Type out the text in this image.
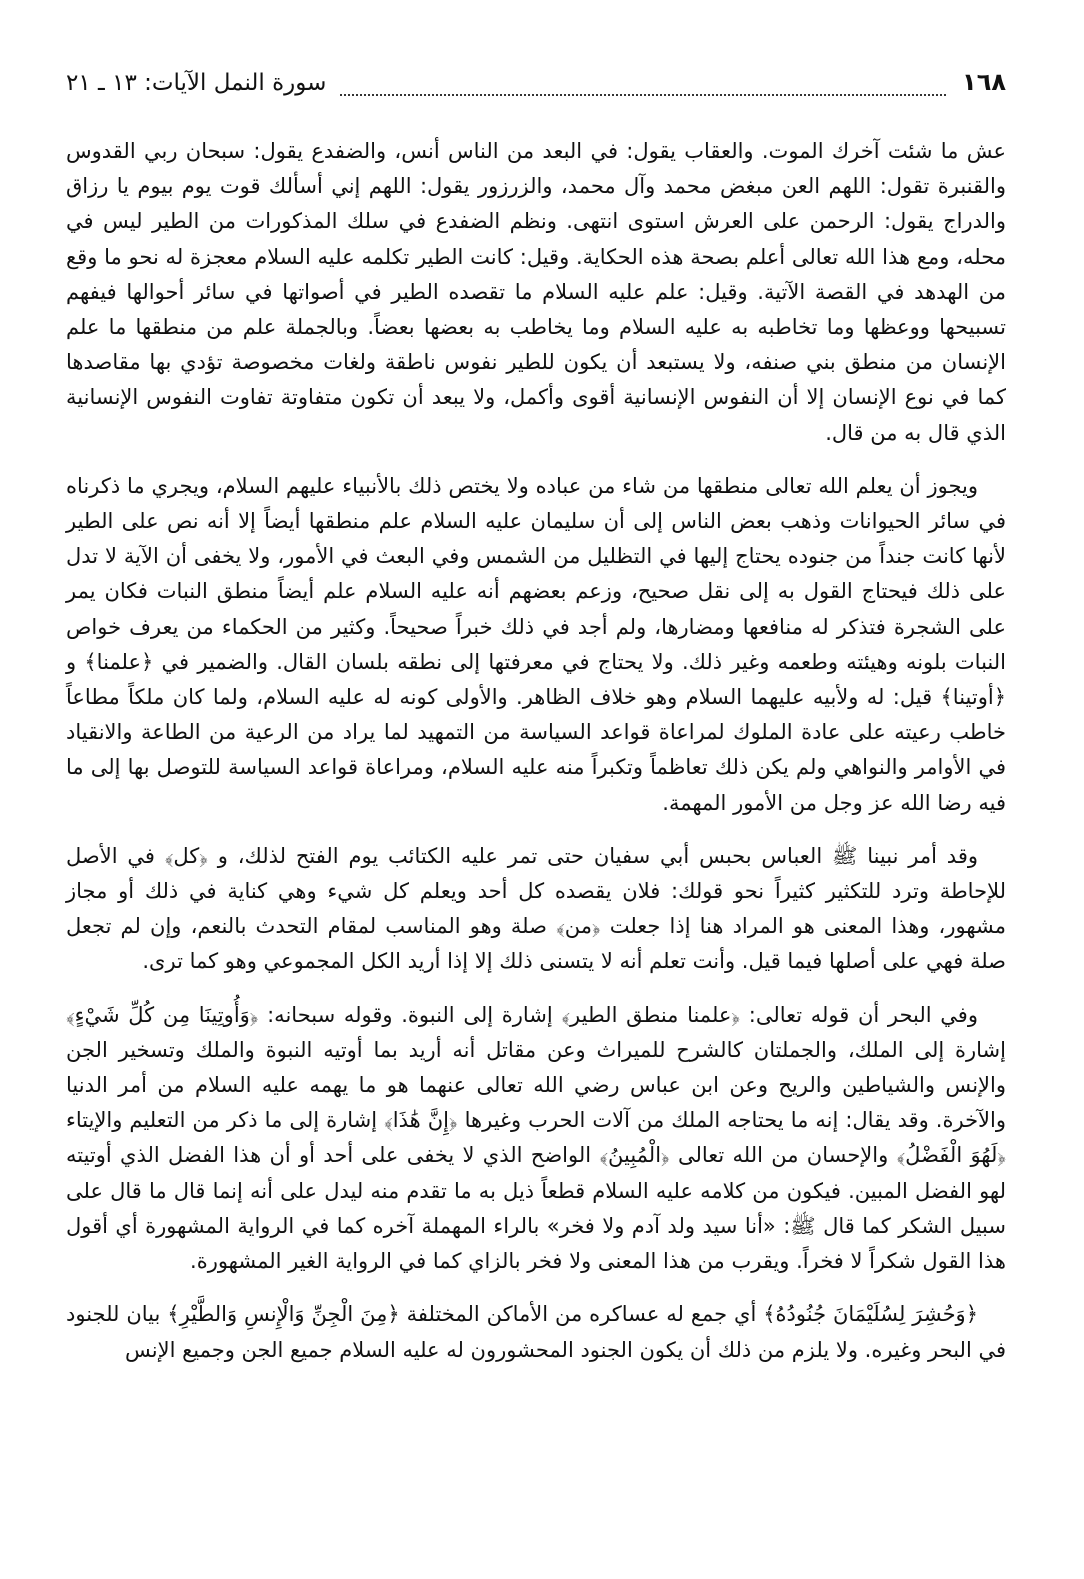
١٦٨
سورة النمل الآيات: ١٣ ـ ٢١

عش ما شئت آخرك الموت. والعقاب يقول: في البعد من الناس أنس، والضفدع يقول: سبحان ربي القدوس والقنبرة تقول: اللهم العن مبغض محمد وآل محمد، والزرزور يقول: اللهم إني أسألك قوت يوم بيوم يا رزاق والدراج يقول: الرحمن على العرش استوى انتهى. ونظم الضفدع في سلك المذكورات من الطير ليس في محله، ومع هذا الله تعالى أعلم بصحة هذه الحكاية. وقيل: كانت الطير تكلمه عليه السلام معجزة له نحو ما وقع من الهدهد في القصة الآتية. وقيل: علم عليه السلام ما تقصده الطير في أصواتها في سائر أحوالها فيفهم تسبيحها ووعظها وما تخاطبه به عليه السلام وما يخاطب به بعضها بعضاً. وبالجملة علم من منطقها ما علم الإنسان من منطق بني صنفه، ولا يستبعد أن يكون للطير نفوس ناطقة ولغات مخصوصة تؤدي بها مقاصدها كما في نوع الإنسان إلا أن النفوس الإنسانية أقوى وأكمل، ولا يبعد أن تكون متفاوتة تفاوت النفوس الإنسانية الذي قال به من قال.

ويجوز أن يعلم الله تعالى منطقها من شاء من عباده ولا يختص ذلك بالأنبياء عليهم السلام، ويجري ما ذكرناه في سائر الحيوانات وذهب بعض الناس إلى أن سليمان عليه السلام علم منطقها أيضاً إلا أنه نص على الطير لأنها كانت جنداً من جنوده يحتاج إليها في التظليل من الشمس وفي البعث في الأمور، ولا يخفى أن الآية لا تدل على ذلك فيحتاج القول به إلى نقل صحيح، وزعم بعضهم أنه عليه السلام علم أيضاً منطق النبات فكان يمر على الشجرة فتذكر له منافعها ومضارها، ولم أجد في ذلك خبراً صحيحاً. وكثير من الحكماء من يعرف خواص النبات بلونه وهيئته وطعمه وغير ذلك. ولا يحتاج في معرفتها إلى نطقه بلسان القال. والضمير في ﴿علمنا﴾ و ﴿أوتينا﴾ قيل: له ولأبيه عليهما السلام وهو خلاف الظاهر. والأولى كونه له عليه السلام، ولما كان ملكاً مطاعاً خاطب رعيته على عادة الملوك لمراعاة قواعد السياسة من التمهيد لما يراد من الرعية من الطاعة والانقياد في الأوامر والنواهي ولم يكن ذلك تعاظماً وتكبراً منه عليه السلام، ومراعاة قواعد السياسة للتوصل بها إلى ما فيه رضا الله عز وجل من الأمور المهمة.

وقد أمر نبينا ﷺ العباس بحبس أبي سفيان حتى تمر عليه الكتائب يوم الفتح لذلك، و ﴿كل﴾ في الأصل للإحاطة وترد للتكثير كثيراً نحو قولك: فلان يقصده كل أحد ويعلم كل شيء وهي كناية في ذلك أو مجاز مشهور، وهذا المعنى هو المراد هنا إذا جعلت ﴿من﴾ صلة وهو المناسب لمقام التحدث بالنعم، وإن لم تجعل صلة فهي على أصلها فيما قيل. وأنت تعلم أنه لا يتسنى ذلك إلا إذا أريد الكل المجموعي وهو كما ترى.

وفي البحر أن قوله تعالى: ﴿علمنا منطق الطير﴾ إشارة إلى النبوة. وقوله سبحانه: ﴿وَأُوتِينَا مِن كُلِّ شَيْءٍ﴾ إشارة إلى الملك، والجملتان كالشرح للميراث وعن مقاتل أنه أريد بما أوتيه النبوة والملك وتسخير الجن والإنس والشياطين والريح وعن ابن عباس رضي الله تعالى عنهما هو ما يهمه عليه السلام من أمر الدنيا والآخرة. وقد يقال: إنه ما يحتاجه الملك من آلات الحرب وغيرها ﴿إِنَّ هَٰذَا﴾ إشارة إلى ما ذكر من التعليم والإيتاء ﴿لَهُوَ الْفَضْلُ﴾ والإحسان من الله تعالى ﴿الْمُبِينُ﴾ الواضح الذي لا يخفى على أحد أو أن هذا الفضل الذي أوتيته لهو الفضل المبين. فيكون من كلامه عليه السلام قطعاً ذيل به ما تقدم منه ليدل على أنه إنما قال ما قال على سبيل الشكر كما قال ﷺ: «أنا سيد ولد آدم ولا فخر» بالراء المهملة آخره كما في الرواية المشهورة أي أقول هذا القول شكراً لا فخراً. ويقرب من هذا المعنى ولا فخر بالزاي كما في الرواية الغير المشهورة.

﴿وَحُشِرَ لِسُلَيْمَانَ جُنُودُهُ﴾ أي جمع له عساكره من الأماكن المختلفة ﴿مِنَ الْجِنِّ وَالْإِنسِ وَالطَّيْرِ﴾ بيان للجنود في البحر وغيره. ولا يلزم من ذلك أن يكون الجنود المحشورون له عليه السلام جميع الجن وجميع الإنس
